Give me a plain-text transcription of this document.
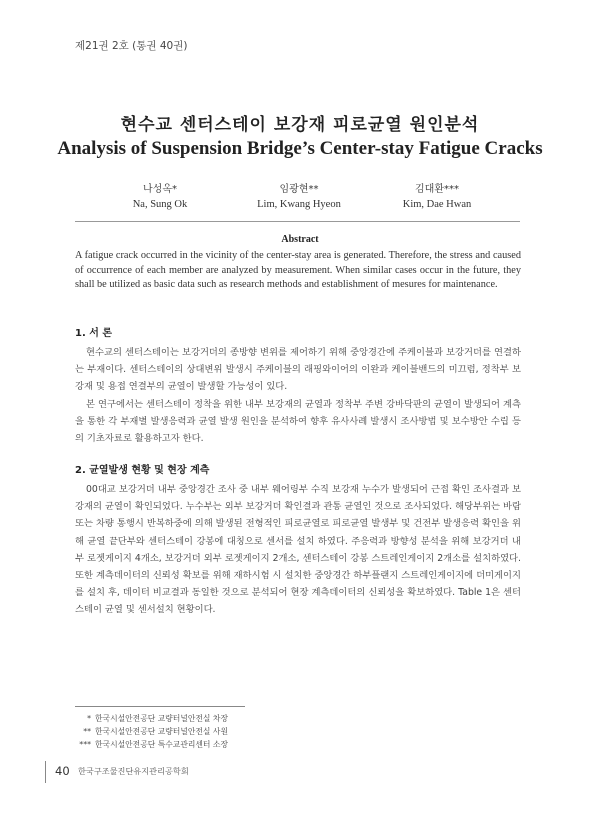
제21권 2호 (통권 40권)
현수교 센터스테이 보강재 피로균열 원인분석
Analysis of Suspension Bridge’s Center-stay Fatigue Cracks
나성옥*
Na, Sung Ok
임광현**
Lim, Kwang Hyeon
김대환***
Kim, Dae Hwan
Abstract
A fatigue crack occurred in the vicinity of the center-stay area is generated. Therefore, the stress and caused of occurrence of each member are analyzed by measurement. When similar cases occur in the future, they shall be utilized as basic data such as research methods and establishment of mesures for maintenance.
1. 서 론
현수교의 센터스테이는 보강거더의 종방향 변위를 제어하기 위해 중앙경간에 주케이블과 보강거더를 연결하는 부재이다. 센터스테이의 상대변위 발생시 주케이블의 래핑와이어의 이완과 케이블밴드의 미끄럼, 정착부 보강재 및 용접 연결부의 균열이 발생할 가능성이 있다.
본 연구에서는 센터스테이 정착을 위한 내부 보강재의 균열과 정착부 주변 강바닥판의 균열이 발생되어 계측을 통한 각 부재별 발생응력과 균열 발생 원인을 분석하여 향후 유사사례 발생시 조사방법 및 보수방안 수립 등의 기초자료로 활용하고자 한다.
2. 균열발생 현황 및 현장 계측
00대교 보강거더 내부 중앙경간 조사 중 내부 웨어링부 수직 보강재 누수가 발생되어 근접 확인 조사결과 보강재의 균열이 확인되었다. 누수부는 외부 보강거더 확인결과 관통 균열인 것으로 조사되었다. 해당부위는 바람 또는 차량 통행시 반복하중에 의해 발생된 전형적인 피로균열로 피로균열 발생부 및 건전부 발생응력 확인을 위해 균열 끝단부와 센터스테이 강봉에 대칭으로 센서를 설치 하였다. 주응력과 방향성 분석을 위해 보강거더 내부 로젯게이지 4개소, 보강거더 외부 로젯게이지 2개소, 센터스테이 강봉 스트레인게이지 2개소를 설치하였다. 또한 계측데이터의 신뢰성 확보를 위해 재하시험 시 설치한 중앙경간 하부플랜지 스트레인게이지에 더미게이지를 설치 후, 데이터 비교결과 동일한 것으로 분석되어 현장 계측데이터의 신뢰성을 확보하였다. Table 1은 센터스테이 균열 및 센서설치 현황이다.
* 한국시설안전공단 교량터널안전실 차장
** 한국시설안전공단 교량터널안전실 사원
*** 한국시설안전공단 특수교관리센터 소장
40 한국구조물진단유지관리공학회
